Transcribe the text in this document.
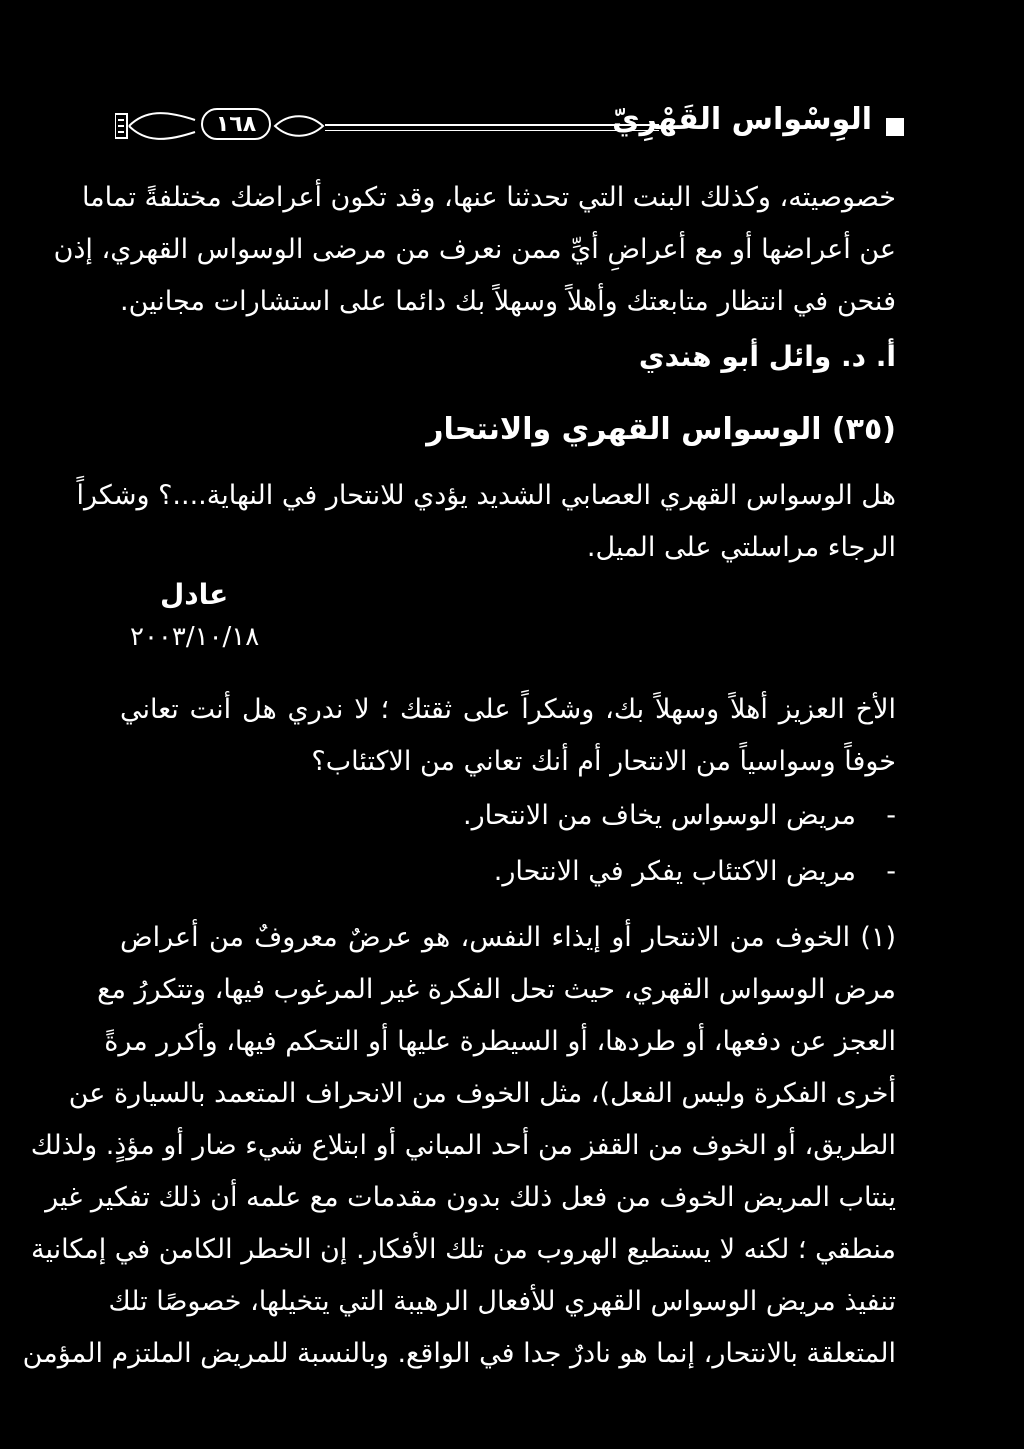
الوِسْواس القَهْرِيّ
١٦٨
خصوصيته، وكذلك البنت التي تحدثنا عنها، وقد تكون أعراضك مختلفةً تماما
عن أعراضها أو مع أعراضِ أيِّ ممن نعرف من مرضى الوسواس القهري، إذن
فنحن في انتظار متابعتك وأهلاً وسهلاً بك دائما على استشارات مجانين.
أ. د. وائل أبو هندي
(٣٥) الوسواس القهري والانتحار
هل الوسواس القهري العصابي الشديد يؤدي للانتحار في النهاية....؟ وشكراً
الرجاء مراسلتي على الميل.
عادل
٢٠٠٣/١٠/١٨
الأخ العزيز أهلاً وسهلاً بك، وشكراً على ثقتك ؛ لا ندري هل أنت تعاني
خوفاً وسواسياً من الانتحار أم أنك تعاني من الاكتئاب؟
-مريض الوسواس يخاف من الانتحار.
-مريض الاكتئاب يفكر في الانتحار.
(١) الخوف من الانتحار أو إيذاء النفس، هو عرضٌ معروفٌ من أعراض
مرض الوسواس القهري، حيث تحل الفكرة غير المرغوب فيها، وتتكررُ مع
العجز عن دفعها، أو طردها، أو السيطرة عليها أو التحكم فيها، وأكرر مرةً
أخرى الفكرة وليس الفعل)، مثل الخوف من الانحراف المتعمد بالسيارة عن
الطريق، أو الخوف من القفز من أحد المباني أو ابتلاع شيء ضار أو مؤذٍ. ولذلك
ينتاب المريض الخوف من فعل ذلك بدون مقدمات مع علمه أن ذلك تفكير غير
منطقي ؛ لكنه لا يستطيع الهروب من تلك الأفكار. إن الخطر الكامن في إمكانية
تنفيذ مريض الوسواس القهري للأفعال الرهيبة التي يتخيلها، خصوصًا تلك
المتعلقة بالانتحار، إنما هو نادرٌ جدا في الواقع. وبالنسبة للمريض الملتزم المؤمن
